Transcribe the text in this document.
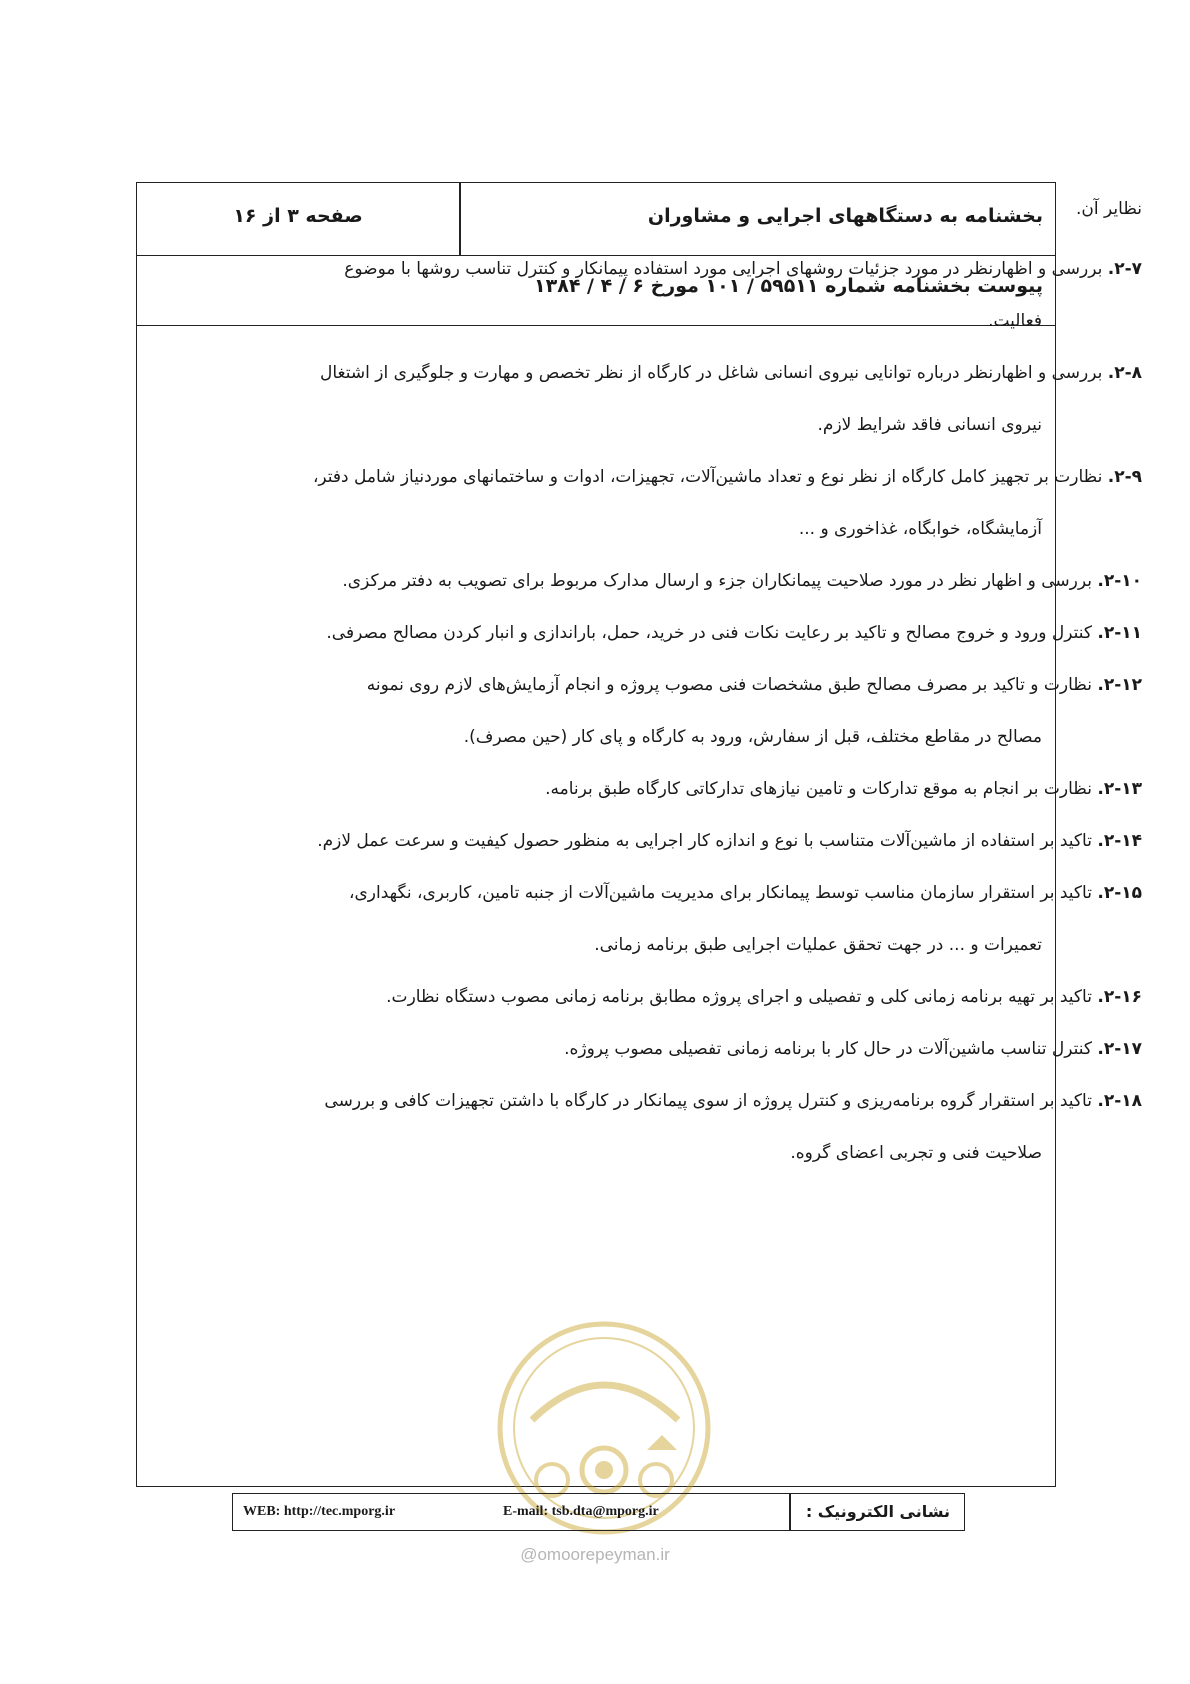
بخشنامه به دستگاههای اجرایی و مشاوران
صفحه ۳ از ۱۶
پیوست بخشنامه شماره ۵۹۵۱۱ / ۱۰۱ مورخ ۶ / ۴ / ۱۳۸۴

نظایر آن.

۲-۷. بررسی و اظهارنظر در مورد جزئیات روشهای اجرایی مورد استفاده پیمانکار و کنترل تناسب روشها با موضوع

فعالیت.

۲-۸. بررسی و اظهارنظر درباره توانایی نیروی انسانی شاغل در کارگاه از نظر تخصص و مهارت و جلوگیری از اشتغال

نیروی انسانی فاقد شرایط لازم.

۲-۹. نظارت بر تجهیز کامل کارگاه از نظر نوع و تعداد ماشین‌آلات، تجهیزات، ادوات و ساختمانهای موردنیاز شامل دفتر،

آزمایشگاه، خوابگاه، غذاخوری و ...

۲-۱۰. بررسی و اظهار نظر در مورد صلاحیت پیمانکاران جزء و ارسال مدارک مربوط برای تصویب به دفتر مرکزی.

۲-۱۱. کنترل ورود و خروج مصالح و تاکید بر رعایت نکات فنی در خرید، حمل، باراندازی و انبار کردن مصالح مصرفی.

۲-۱۲. نظارت و تاکید بر مصرف مصالح طبق مشخصات فنی مصوب پروژه و انجام آزمایش‌های لازم روی نمونه

مصالح در مقاطع مختلف، قبل از سفارش، ورود به کارگاه و پای کار (حین مصرف).

۲-۱۳. نظارت بر انجام به موقع تدارکات و تامین نیازهای تدارکاتی کارگاه طبق برنامه.

۲-۱۴. تاکید بر استفاده از ماشین‌آلات متناسب با نوع و اندازه کار اجرایی به منظور حصول کیفیت و سرعت عمل لازم.

۲-۱۵. تاکید بر استقرار سازمان مناسب توسط پیمانکار برای مدیریت ماشین‌آلات از جنبه تامین، کاربری، نگهداری،

تعمیرات و ... در جهت تحقق عملیات اجرایی طبق برنامه زمانی.

۲-۱۶. تاکید بر تهیه برنامه زمانی کلی و تفصیلی و اجرای پروژه مطابق برنامه زمانی مصوب دستگاه نظارت.

۲-۱۷. کنترل تناسب ماشین‌آلات در حال کار با برنامه زمانی تفصیلی مصوب پروژه.

۲-۱۸. تاکید بر استقرار گروه برنامه‌ریزی و کنترل پروژه از سوی پیمانکار در کارگاه با داشتن تجهیزات کافی و بررسی

صلاحیت فنی و تجربی اعضای گروه.

WEB: http://tec.mporg.ir	E-mail: tsb.dta@mporg.ir	نشانی الکترونیک :
@omoorepeyman.ir
